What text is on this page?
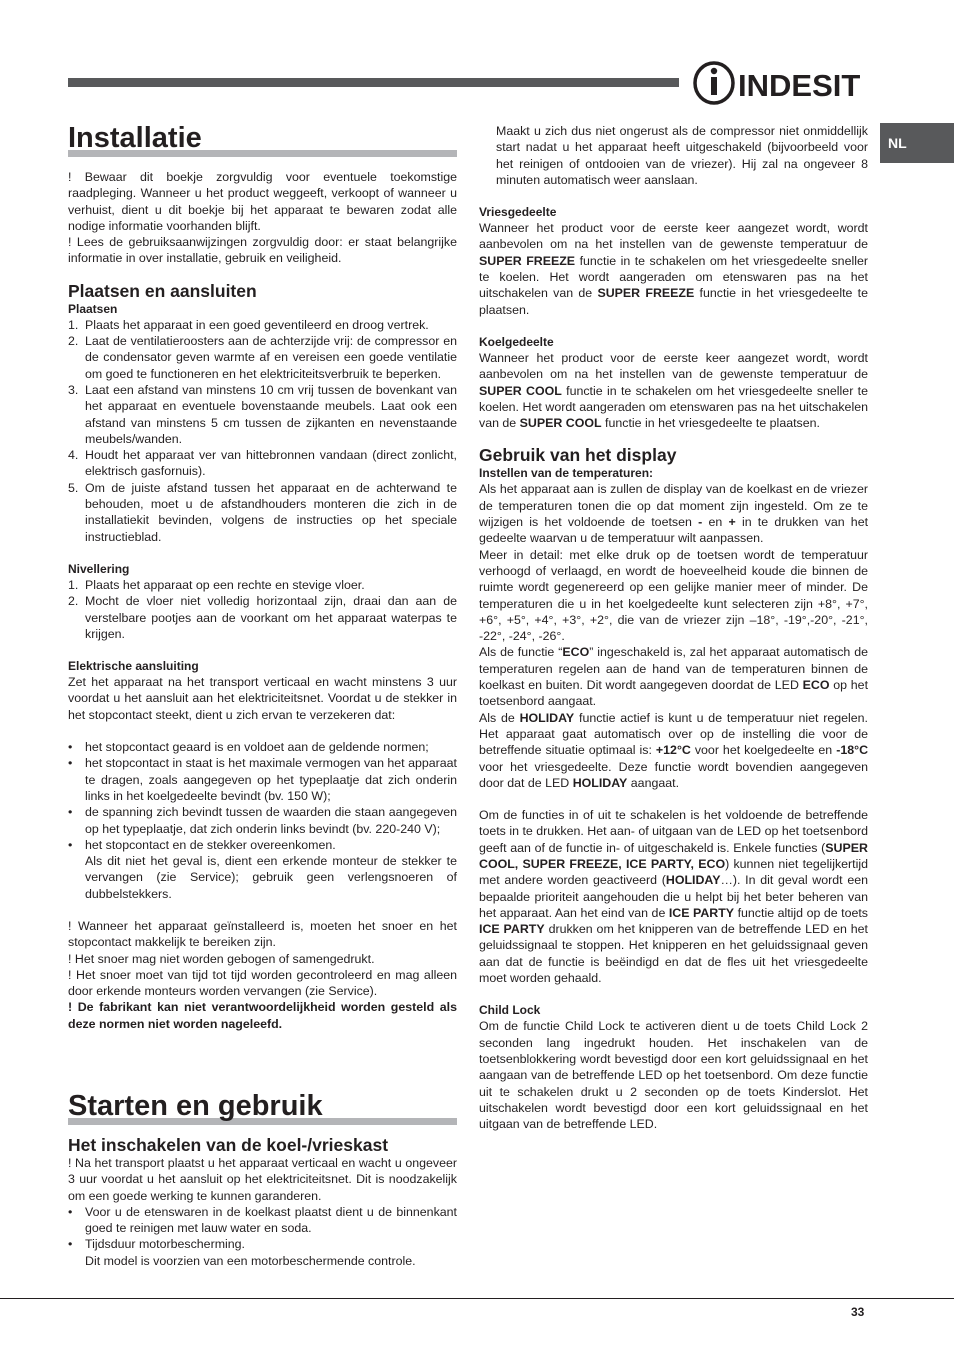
INDESIT
NL
Installatie

! Bewaar dit boekje zorgvuldig voor eventuele toekomstige raadpleging. Wanneer u het product weggeeft, verkoopt of wanneer u verhuist, dient u dit boekje bij het apparaat te bewaren zodat alle nodige informatie voorhanden blijft.

! Lees de gebruiksaanwijzingen zorgvuldig door: er staat belangrijke informatie in over installatie, gebruik en veiligheid.

Plaatsen en aansluiten
Plaatsen
1. Plaats het apparaat in een goed geventileerd en droog vertrek.
2. Laat de ventilatieroosters aan de achterzijde vrij: de compressor en de condensator geven warmte af en vereisen een goede ventilatie om goed te functioneren en het elektriciteitsverbruik te beperken.
3. Laat een afstand van minstens 10 cm vrij tussen de bovenkant van het apparaat en eventuele bovenstaande meubels. Laat ook een afstand van minstens 5 cm tussen de zijkanten en nevenstaande meubels/wanden.
4. Houdt het apparaat ver van hittebronnen vandaan (direct zonlicht, elektrisch gasfornuis).
5. Om de juiste afstand tussen het apparaat en de achterwand te behouden, moet u de afstandhouders monteren die zich in de installatiekit bevinden, volgens de instructies op het speciale instructieblad.
Nivellering
1. Plaats het apparaat op een rechte en stevige vloer.
2. Mocht de vloer niet volledig horizontaal zijn, draai dan aan de verstelbare pootjes aan de voorkant om het apparaat waterpas te krijgen.
Elektrische aansluiting

Zet het apparaat na het transport verticaal en wacht minstens 3 uur voordat u het aansluit aan het elektriciteitsnet. Voordat u de stekker in het stopcontact steekt, dient u zich ervan te verzekeren dat:

• het stopcontact geaard is en voldoet aan de geldende normen;
• het stopcontact in staat is het maximale vermogen van het apparaat te dragen, zoals aangegeven op het typeplaatje dat zich onderin links in het koelgedeelte bevindt (bv. 150 W);
• de spanning zich bevindt tussen de waarden die staan aangegeven op het typeplaatje, dat zich onderin links bevindt (bv. 220-240 V);
• het stopcontact en de stekker overeenkomen.

Als dit niet het geval is, dient een erkende monteur de stekker te vervangen (zie Service); gebruik geen verlengsnoeren of dubbelstekkers.

! Wanneer het apparaat geïnstalleerd is, moeten het snoer en het stopcontact makkelijk te bereiken zijn.

! Het snoer mag niet worden gebogen of samengedrukt.

! Het snoer moet van tijd tot tijd worden gecontroleerd en mag alleen door erkende monteurs worden vervangen (zie Service).

! De fabrikant kan niet verantwoordelijkheid worden gesteld als deze normen niet worden nageleefd.

Starten en gebruik
Het inschakelen van de koel-/vrieskast

! Na het transport plaatst u het apparaat verticaal en wacht u ongeveer 3 uur voordat u het aansluit op het elektriciteitsnet. Dit is noodzakelijk om een goede werking te kunnen garanderen.

• Voor u de etenswaren in de koelkast plaatst dient u de binnenkant goed te reinigen met lauw water en soda.
• Tijdsduur motorbescherming.

Dit model is voorzien van een motorbeschermende controle.

Maakt u zich dus niet ongerust als de compressor niet onmiddellijk start nadat u het apparaat heeft uitgeschakeld (bijvoorbeeld voor het reinigen of ontdooien van de vriezer). Hij zal na ongeveer 8 minuten automatisch weer aanslaan.

Vriesgedeelte

Wanneer het product voor de eerste keer aangezet wordt, wordt aanbevolen om na het instellen van de gewenste temperatuur de SUPER FREEZE functie in te schakelen om het vriesgedeelte sneller te koelen. Het wordt aangeraden om etenswaren pas na het uitschakelen van de SUPER FREEZE functie in het vriesgedeelte te plaatsen.

Koelgedeelte

Wanneer het product voor de eerste keer aangezet wordt, wordt aanbevolen om na het instellen van de gewenste temperatuur de SUPER COOL functie in te schakelen om het vriesgedeelte sneller te koelen. Het wordt aangeraden om etenswaren pas na het uitschakelen van de SUPER COOL functie in het vriesgedeelte te plaatsen.

Gebruik van het display
Instellen van de temperaturen:

Als het apparaat aan is zullen de display van de koelkast en de vriezer de temperaturen tonen die op dat moment zijn ingesteld. Om ze te wijzigen is het voldoende de toetsen - en + in te drukken van het gedeelte waarvan u de temperatuur wilt aanpassen.

Meer in detail: met elke druk op de toetsen wordt de temperatuur verhoogd of verlaagd, en wordt de hoeveelheid koude die binnen de ruimte wordt gegenereerd op een gelijke manier meer of minder. De temperaturen die u in het koelgedeelte kunt selecteren zijn +8°, +7°, +6°, +5°, +4°, +3°, +2°, die van de vriezer zijn –18°, -19°,-20°, -21°, -22°, -24°, -26°.

Als de functie “ECO” ingeschakeld is, zal het apparaat automatisch de temperaturen regelen aan de hand van de temperaturen binnen de koelkast en buiten. Dit wordt aangegeven doordat de LED ECO op het toetsenbord aangaat.

Als de HOLIDAY functie actief is kunt u de temperatuur niet regelen. Het apparaat gaat automatisch over op de instelling die voor de betreffende situatie optimaal is: +12°C voor het koelgedeelte en -18°C voor het vriesgedeelte. Deze functie wordt bovendien aangegeven door dat de LED HOLIDAY aangaat.

Om de functies in of uit te schakelen is het voldoende de betreffende toets in te drukken. Het aan- of uitgaan van de LED op het toetsenbord geeft aan of de functie in- of uitgeschakeld is. Enkele functies (SUPER COOL, SUPER FREEZE, ICE PARTY, ECO) kunnen niet tegelijkertijd met andere worden geactiveerd (HOLIDAY…). In dit geval wordt een bepaalde prioriteit aangehouden die u helpt bij het beter beheren van het apparaat. Aan het eind van de ICE PARTY functie altijd op de toets ICE PARTY drukken om het knipperen van de betreffende LED en het geluidssignaal te stoppen. Het knipperen en het geluidssignaal geven aan dat de functie is beëindigd en dat de fles uit het vriesgedeelte moet worden gehaald.

Child Lock

Om de functie Child Lock te activeren dient u de toets Child Lock 2 seconden lang ingedrukt houden. Het inschakelen van de toetsenblokkering wordt bevestigd door een kort geluidssignaal en het aangaan van de betreffende LED op het toetsenbord. Om deze functie uit te schakelen drukt u 2 seconden op de toets Kinderslot. Het uitschakelen wordt bevestigd door een kort geluidssignaal en het uitgaan van de betreffende LED.

33
